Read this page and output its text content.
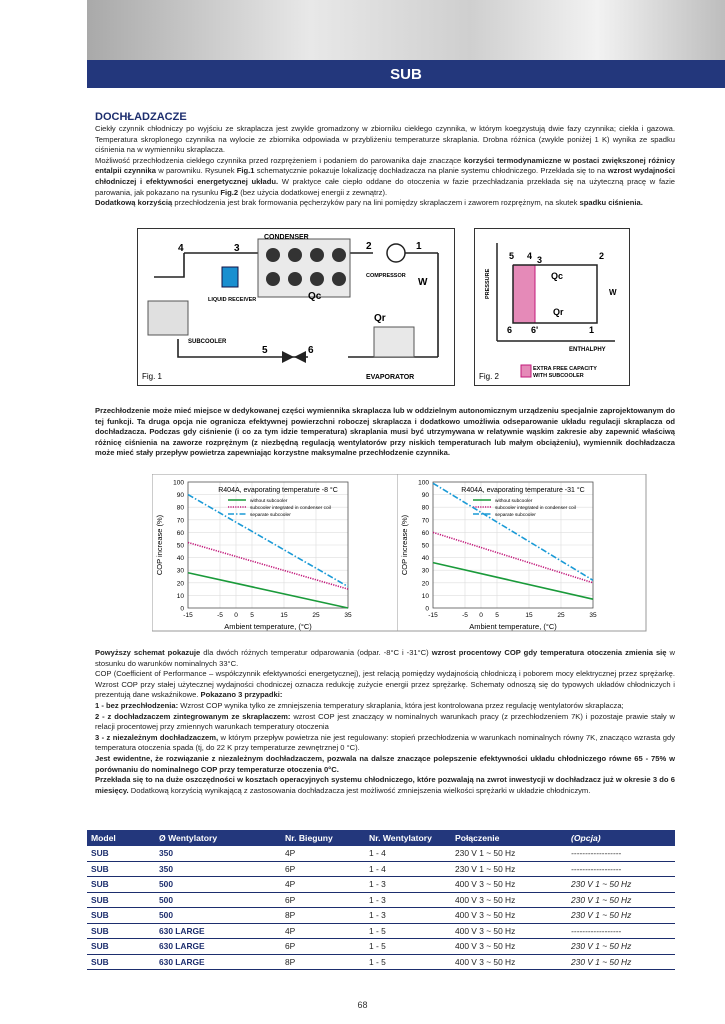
SUB
DOCHŁADZACZE

Ciekły czynnik chłodniczy po wyjściu ze skraplacza jest zwykle gromadzony w zbiorniku ciekłego czynnika, w którym koegzystują dwie fazy czynnika; ciekła i gazowa. Temperatura skroplonego czynnika na wylocie ze zbiornika odpowiada w przybliżeniu temperaturze skraplania. Drobna różnica (zwykle poniżej 1 K) wynika ze spadku ciśnienia na w wymienniku skraplacza.
Możliwość przechłodzenia ciekłego czynnika przed rozprężeniem i podaniem do parowanika daje znaczące korzyści termodynamiczne w postaci zwiększonej różnicy entalpii czynnika w parowniku. Rysunek Fig.1 schematycznie pokazuje lokalizację dochładzacza na planie systemu chłodniczego. Przekłada się to na wzrost wydajności chłodniczej i efektywności energetycznej układu. W praktyce całe ciepło oddane do otoczenia w fazie przechładzania przekłada się na użyteczną pracę w fazie parowania, jak pokazano na rysunku Fig.2 (bez użycia dodatkowej energii z zewnątrz).
Dodatkową korzyścią przechłodzenia jest brak formowania pęcherzyków pary na lini pomiędzy skraplaczem i zaworem rozprężnym, na skutek spadku ciśnienia.

CONDENSER
LIQUID RECEIVER
COMPRESSOR
W
SUBCOOLER
Qc
Qr
EVAPORATOR
4	3	2	1
5	6
Fig. 1
PRESSURE
ENTHALPHY
5 4 3	2
6 6'	1
Qc
Qr
W
EXTRA FREE CAPACITY
WITH SUBCOOLER
Fig. 2

Przechłodzenie może mieć miejsce w dedykowanej części wymiennika skraplacza lub w oddzielnym autonomicznym urządzeniu specjalnie zaprojektowanym do tej funkcji. Ta druga opcja nie ogranicza efektywnej powierzchni roboczej skraplacza i dodatkowo umożliwia odseparowanie układu regulacji skraplacza od dochładzacza. Podczas gdy ciśnienie (i co za tym idzie temperatura) skraplania musi być utrzymywana w relatywnie wąskim zakresie aby zapewnić właściwą różnicę ciśnienia na zaworze rozprężnym (z niezbędną regulacją wentylatorów przy niskich temperaturach lub małym obciążeniu), wymiennik dochładzacza może mieć stały przepływ powietrza zapewniając korzystne maksymalne przechłodzenie czynnika.

0
10
20
30
40
50
60
70
80
90
100
-15	-5 0 5	15	25	35
R404A, evaporating temperature -8 °C
Ambient temperature, (°C)
COP increase (%)
without subcooler
subcooler integrated in condenser coil
separate subcooler
0
10
20
30
40
50
60
70
80
90
100
-15	-5 0 5	15	25	35
R404A, evaporating temperature -31 °C
Ambient temperature, (°C)
COP increase (%)
without subcooler
subcooler integrated in condenser coil
separate subcooler

Powyższy schemat pokazuje dla dwóch różnych temperatur odparowania (odpar. -8°C i -31°C) wzrost procentowy COP gdy temperatura otoczenia zmienia się w stosunku do warunków nominalnych 33°C.
COP (Coefficient of Performance – współczynnik efektywności energetycznej), jest relacją pomiędzy wydajnością chłodniczą i poborem mocy elektrycznej przez sprężarkę. Wzrost COP przy stałej użytecznej wydajności chodniczej oznacza redukcję zużycie energii przez sprężarkę. Schematy odnoszą się do typowych układów chłodniczych i prezentują dane wskaźnikowe. Pokazano 3 przypadki:
1 - bez przechłodzenia: Wzrost COP wynika tylko ze zmniejszenia temperatury skraplania, która jest kontrolowana przez regulację wentylatorów skraplacza;
2 - z dochładzaczem zintegrowanym ze skraplaczem: wzrost COP jest znaczący w nominalnych warunkach pracy (z przechłodzeniem 7K) i pozostaje prawie stały w relacji procentowej przy zmiennych warunkach temperatury otoczenia
3 - z niezależnym dochładzaczem, w którym przepływ powietrza nie jest regulowany: stopień przechłodzenia w warunkach nominalnych równy 7K, znacząco wzrasta gdy temperatura otoczenia spada (tj, do 22 K przy temperaturze zewnętrznej 0 °C).
Jest ewidentne, że rozwiązanie z niezależnym dochładzaczem, pozwala na dalsze znaczące polepszenie efektywności układu chłodniczego równe 65 - 75% w porównaniu do nominalnego COP przy temperaturze otoczenia 0°C.
Przekłada się to na duże oszczędności w kosztach operacyjnych systemu chłodniczego, które pozwalają na zwrot inwestycji w dochładzacz już w okresie 3 do 6 miesięcy. Dodatkową korzyścią wynikającą z zastosowania dochładzacza jest możliwość zmniejszenia wielkości sprężarki w układzie chłodniczym.

Model	Ø Wentylatory	Nr. Bieguny	Nr. Wentylatory	Połączenie	(Opcja)
SUB	350	4P	1 - 4	230 V 1 ~ 50 Hz	------------------
SUB	350	6P	1 - 4	230 V 1 ~ 50 Hz	------------------
SUB	500	4P	1 - 3	400 V 3 ~ 50 Hz	230 V 1 ~ 50 Hz
SUB	500	6P	1 - 3	400 V 3 ~ 50 Hz	230 V 1 ~ 50 Hz
SUB	500	8P	1 - 3	400 V 3 ~ 50 Hz	230 V 1 ~ 50 Hz
SUB	630 LARGE	4P	1 - 5	400 V 3 ~ 50 Hz	------------------
SUB	630 LARGE	6P	1 - 5	400 V 3 ~ 50 Hz	230 V 1 ~ 50 Hz
SUB	630 LARGE	8P	1 - 5	400 V 3 ~ 50 Hz	230 V 1 ~ 50 Hz
68
